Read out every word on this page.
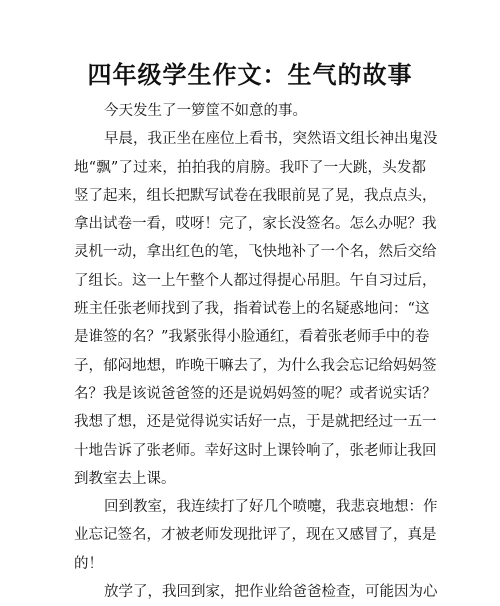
四年级学生作文：生气的故事
今天发生了一箩筐不如意的事。
早晨，我正坐在座位上看书，突然语文组长神出鬼没
地“飘”了过来，拍拍我的肩膀。我吓了一大跳，头发都
竖了起来，组长把默写试卷在我眼前晃了晃，我点点头，
拿出试卷一看，哎呀！完了，家长没签名。怎么办呢？我
灵机一动，拿出红色的笔，飞快地补了一个名，然后交给
了组长。这一上午整个人都过得提心吊胆。午自习过后，
班主任张老师找到了我，指着试卷上的名疑惑地问：“这
是谁签的名？”我紧张得小脸通红，看着张老师手中的卷
子，郁闷地想，昨晚干嘛去了，为什么我会忘记给妈妈签
名？我是该说爸爸签的还是说妈妈签的呢？或者说实话？
我想了想，还是觉得说实话好一点，于是就把经过一五一
十地告诉了张老师。幸好这时上课铃响了，张老师让我回
到教室去上课。
回到教室，我连续打了好几个喷嚏，我悲哀地想：作
业忘记签名，才被老师发现批评了，现在又感冒了，真是
的！
放学了，我回到家，把作业给爸爸检查，可能因为心
